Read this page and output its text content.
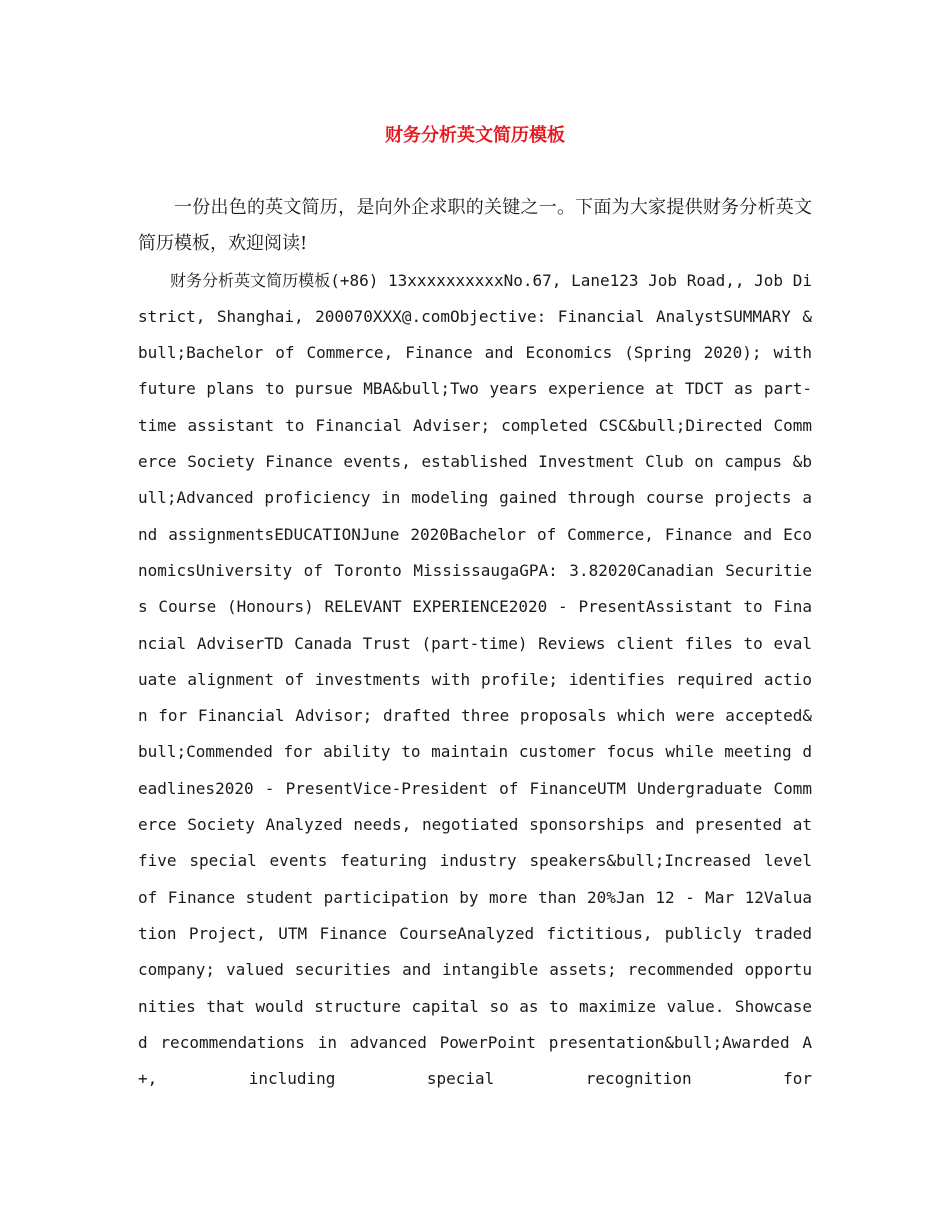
财务分析英文简历模板

一份出色的英文简历，是向外企求职的关键之一。下面为大家提供财务分析英文简历模板，欢迎阅读!

财务分析英文简历模板(+86) 13xxxxxxxxxxNo.67, Lane123 Job Road,, Job District, Shanghai, 200070XXX@.comObjective: Financial AnalystSUMMARY &bull;Bachelor of Commerce, Finance and Economics (Spring 2020); with future plans to pursue MBA&bull;Two years experience at TDCT as part-time assistant to Financial Adviser; completed CSC&bull;Directed Commerce Society Finance events, established Investment Club on campus &bull;Advanced proficiency in modeling gained through course projects and assignmentsEDUCATIONJune 2020Bachelor of Commerce, Finance and EconomicsUniversity of Toronto MississaugaGPA: 3.82020Canadian Securities Course (Honours) RELEVANT EXPERIENCE2020 - PresentAssistant to Financial AdviserTD Canada Trust (part-time) Reviews client files to evaluate alignment of investments with profile; identifies required action for Financial Advisor; drafted three proposals which were accepted&bull;Commended for ability to maintain customer focus while meeting deadlines2020 - PresentVice-President of FinanceUTM Undergraduate Commerce Society Analyzed needs, negotiated sponsorships and presented at five special events featuring industry speakers&bull;Increased level of Finance student participation by more than 20%Jan 12 - Mar 12Valuation Project, UTM Finance CourseAnalyzed fictitious, publicly traded company; valued securities and intangible assets; recommended opportunities that would structure capital so as to maximize value. Showcased recommendations in advanced PowerPoint presentation&bull;Awarded A+, including special recognition for
